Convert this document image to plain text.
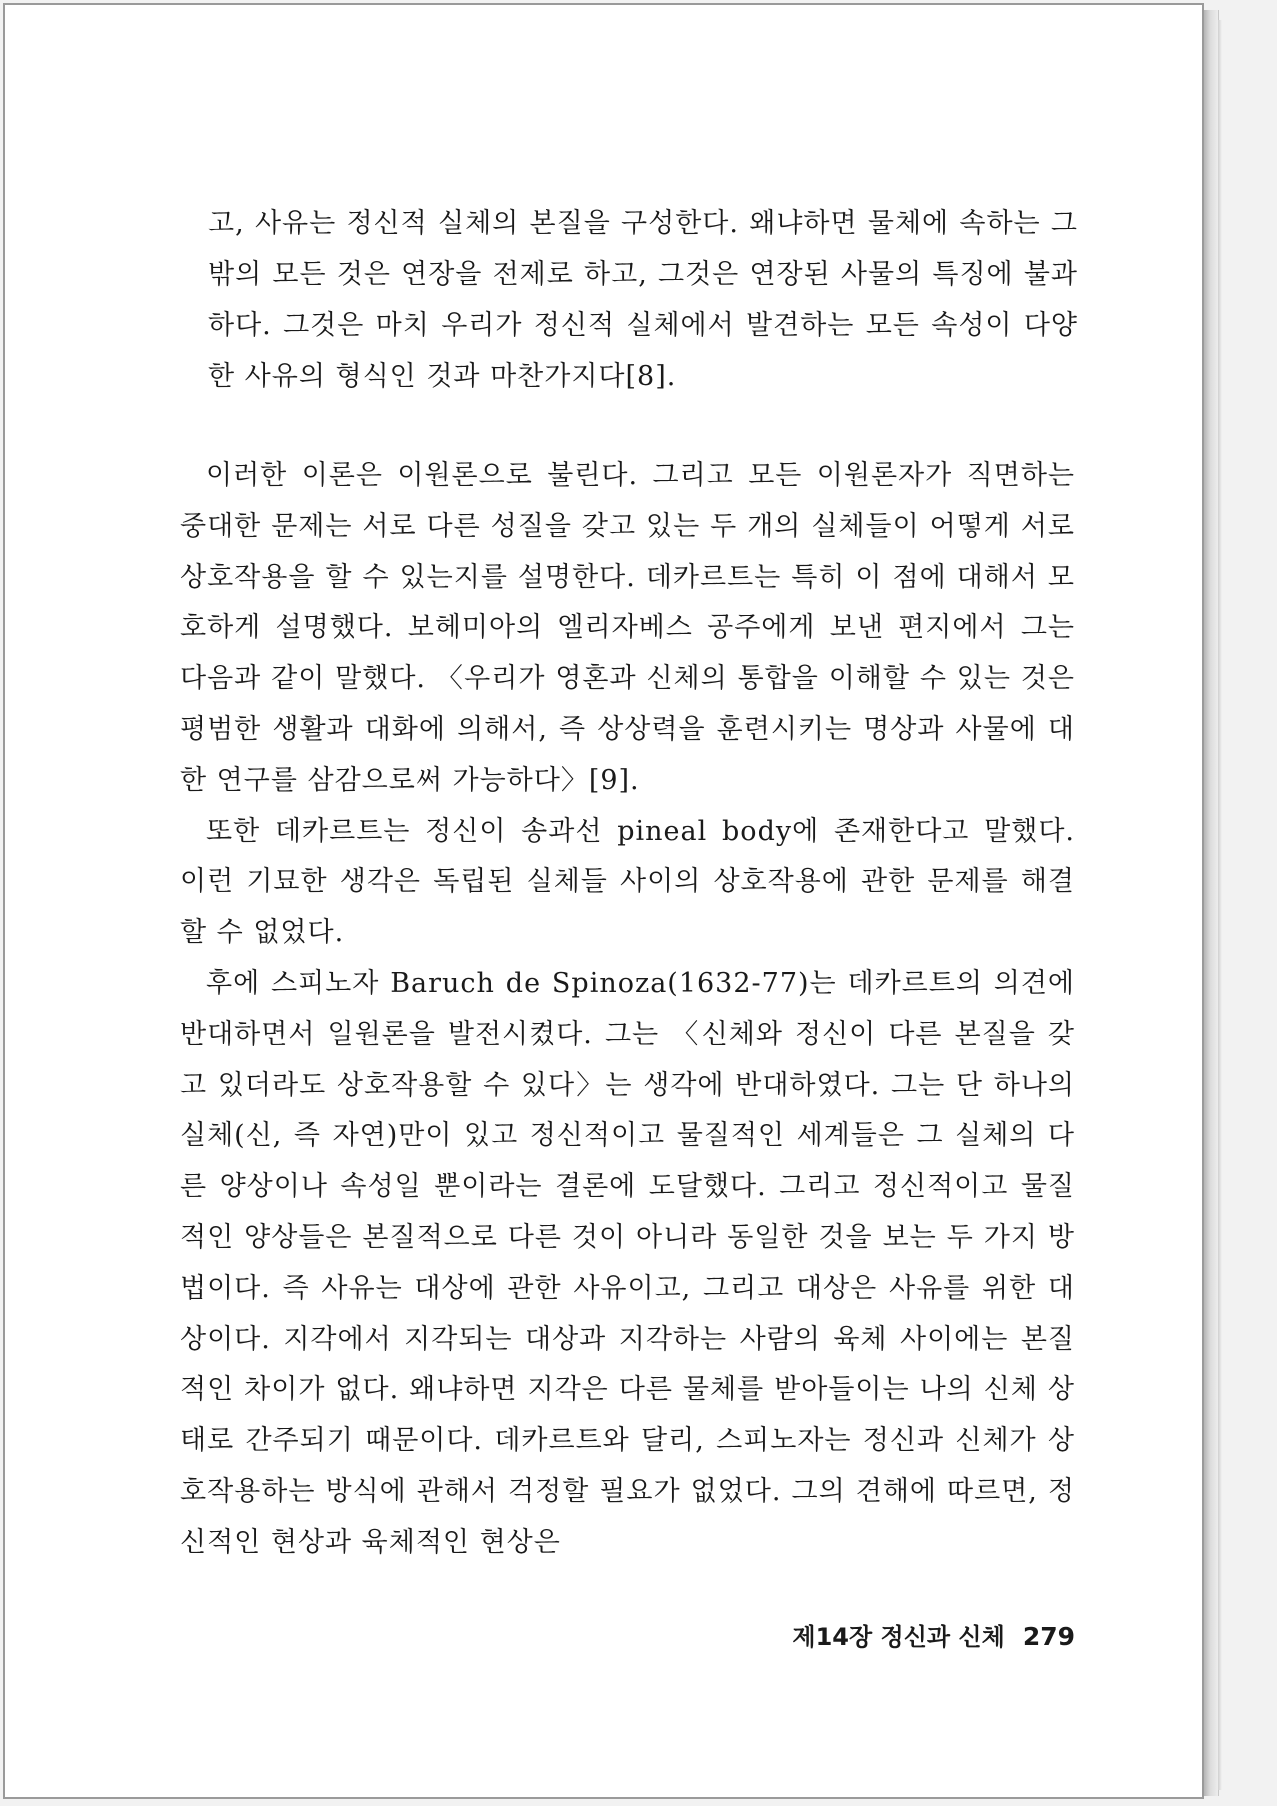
고, 사유는 정신적 실체의 본질을 구성한다. 왜냐하면 물체에 속하는 그 밖의 모든 것은 연장을 전제로 하고, 그것은 연장된 사물의 특징에 불과하다. 그것은 마치 우리가 정신적 실체에서 발견하는 모든 속성이 다양한 사유의 형식인 것과 마찬가지다[8].

이러한 이론은 이원론으로 불린다. 그리고 모든 이원론자가 직면하는 중대한 문제는 서로 다른 성질을 갖고 있는 두 개의 실체들이 어떻게 서로 상호작용을 할 수 있는지를 설명한다. 데카르트는 특히 이 점에 대해서 모호하게 설명했다. 보헤미아의 엘리자베스 공주에게 보낸 편지에서 그는 다음과 같이 말했다. 〈우리가 영혼과 신체의 통합을 이해할 수 있는 것은 평범한 생활과 대화에 의해서, 즉 상상력을 훈련시키는 명상과 사물에 대한 연구를 삼감으로써 가능하다〉[9].

또한 데카르트는 정신이 송과선 pineal body에 존재한다고 말했다. 이런 기묘한 생각은 독립된 실체들 사이의 상호작용에 관한 문제를 해결할 수 없었다.

후에 스피노자 Baruch de Spinoza(1632-77)는 데카르트의 의견에 반대하면서 일원론을 발전시켰다. 그는 〈신체와 정신이 다른 본질을 갖고 있더라도 상호작용할 수 있다〉는 생각에 반대하였다. 그는 단 하나의 실체(신, 즉 자연)만이 있고 정신적이고 물질적인 세계들은 그 실체의 다른 양상이나 속성일 뿐이라는 결론에 도달했다. 그리고 정신적이고 물질적인 양상들은 본질적으로 다른 것이 아니라 동일한 것을 보는 두 가지 방법이다. 즉 사유는 대상에 관한 사유이고, 그리고 대상은 사유를 위한 대상이다. 지각에서 지각되는 대상과 지각하는 사람의 육체 사이에는 본질적인 차이가 없다. 왜냐하면 지각은 다른 물체를 받아들이는 나의 신체 상태로 간주되기 때문이다. 데카르트와 달리, 스피노자는 정신과 신체가 상호작용하는 방식에 관해서 걱정할 필요가 없었다. 그의 견해에 따르면, 정신적인 현상과 육체적인 현상은

제14장 정신과 신체 279
